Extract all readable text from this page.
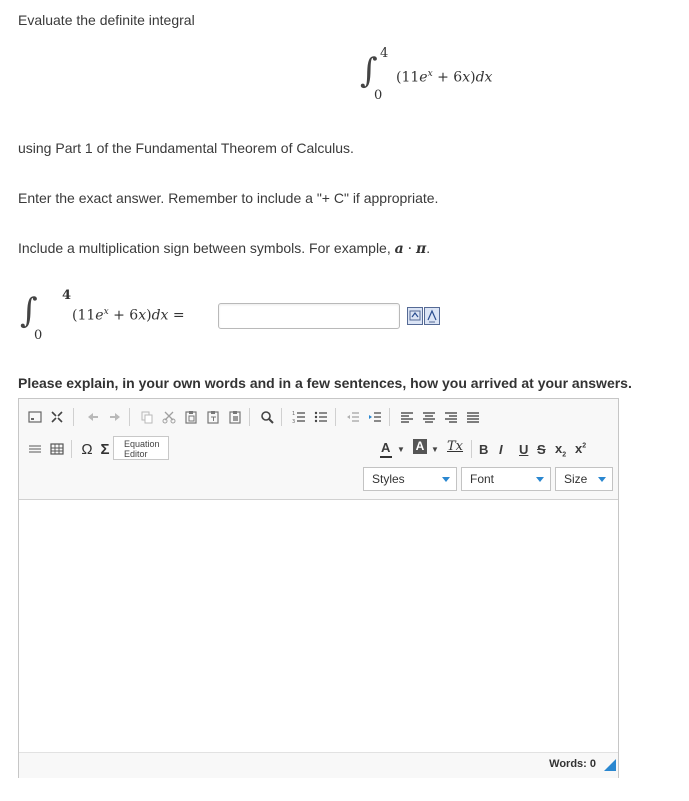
Evaluate the definite integral
∫ 4
0
$(11e^x + 6x)dx$
using Part 1 of the Fundamental Theorem of Calculus.
Enter the exact answer. Remember to include a "+ C" if appropriate.
Include a multiplication sign between symbols. For example, a · π.
∫ 4
0
$(11e^x + 6x)dx$ =
Please explain, in your own words and in a few sentences, how you arrived at your answers.
1
3
Ω Σ	Equation
Editor	A ▼ A ▼ Tx	B I U S $x_2$ $x^2$
Styles	Font	Size
Words: 0
